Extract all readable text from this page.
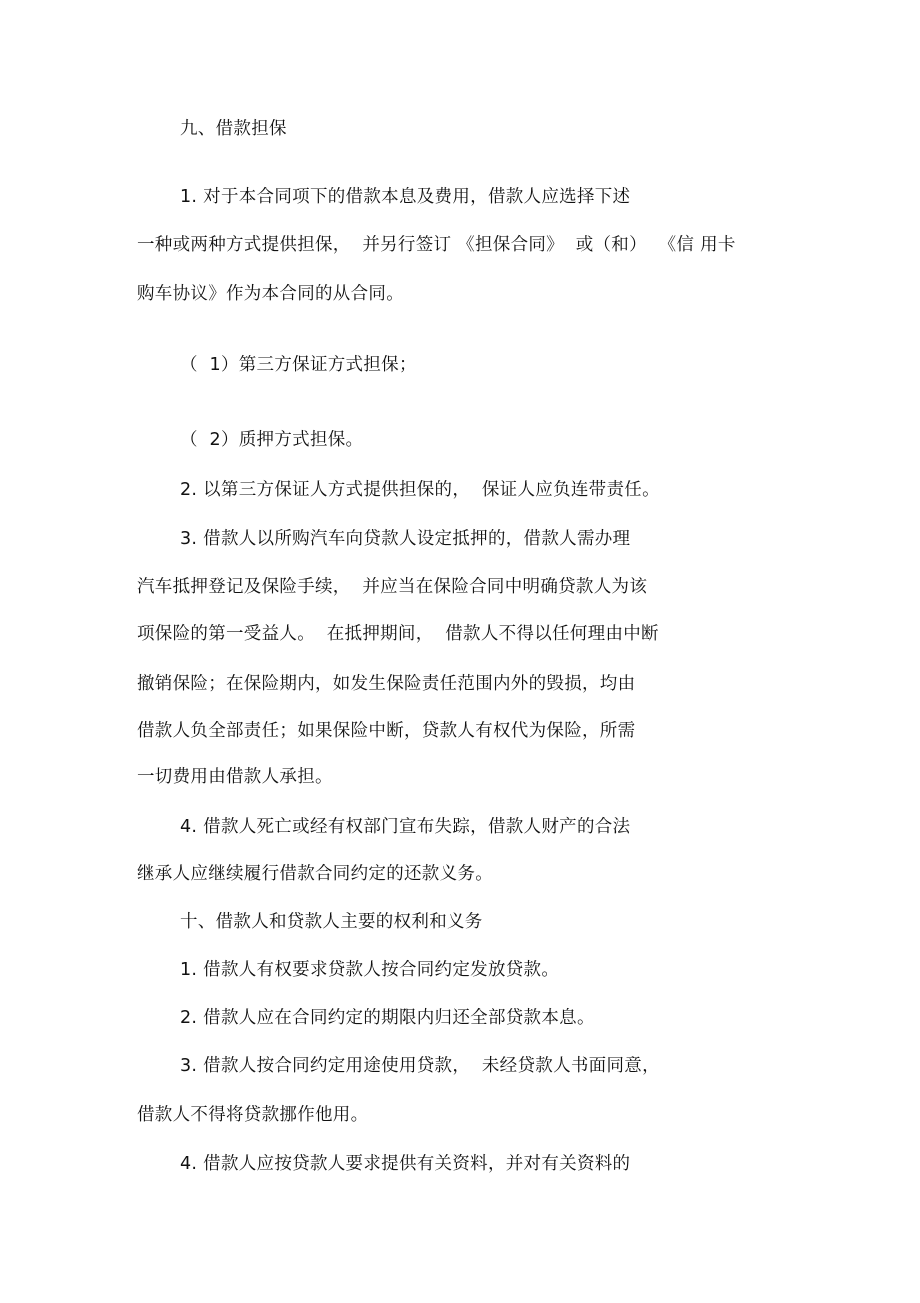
九、借款担保
1. 对于本合同项下的借款本息及费用，借款人应选择下述
一种或两种方式提供担保，  并另行签订 《担保合同》  或（和）  《信 用卡
购车协议》作为本合同的从合同。
（  1）第三方保证方式担保；
（  2）质押方式担保。
2. 以第三方保证人方式提供担保的，  保证人应负连带责任。
3. 借款人以所购汽车向贷款人设定抵押的，借款人需办理
汽车抵押登记及保险手续，  并应当在保险合同中明确贷款人为该
项保险的第一受益人。  在抵押期间，  借款人不得以任何理由中断
撤销保险；在保险期内，如发生保险责任范围内外的毁损，均由
借款人负全部责任；如果保险中断，贷款人有权代为保险，所需
一切费用由借款人承担。
4. 借款人死亡或经有权部门宣布失踪，借款人财产的合法
继承人应继续履行借款合同约定的还款义务。
十、借款人和贷款人主要的权利和义务
1. 借款人有权要求贷款人按合同约定发放贷款。
2. 借款人应在合同约定的期限内归还全部贷款本息。
3. 借款人按合同约定用途使用贷款，  未经贷款人书面同意，
借款人不得将贷款挪作他用。
4. 借款人应按贷款人要求提供有关资料，并对有关资料的
